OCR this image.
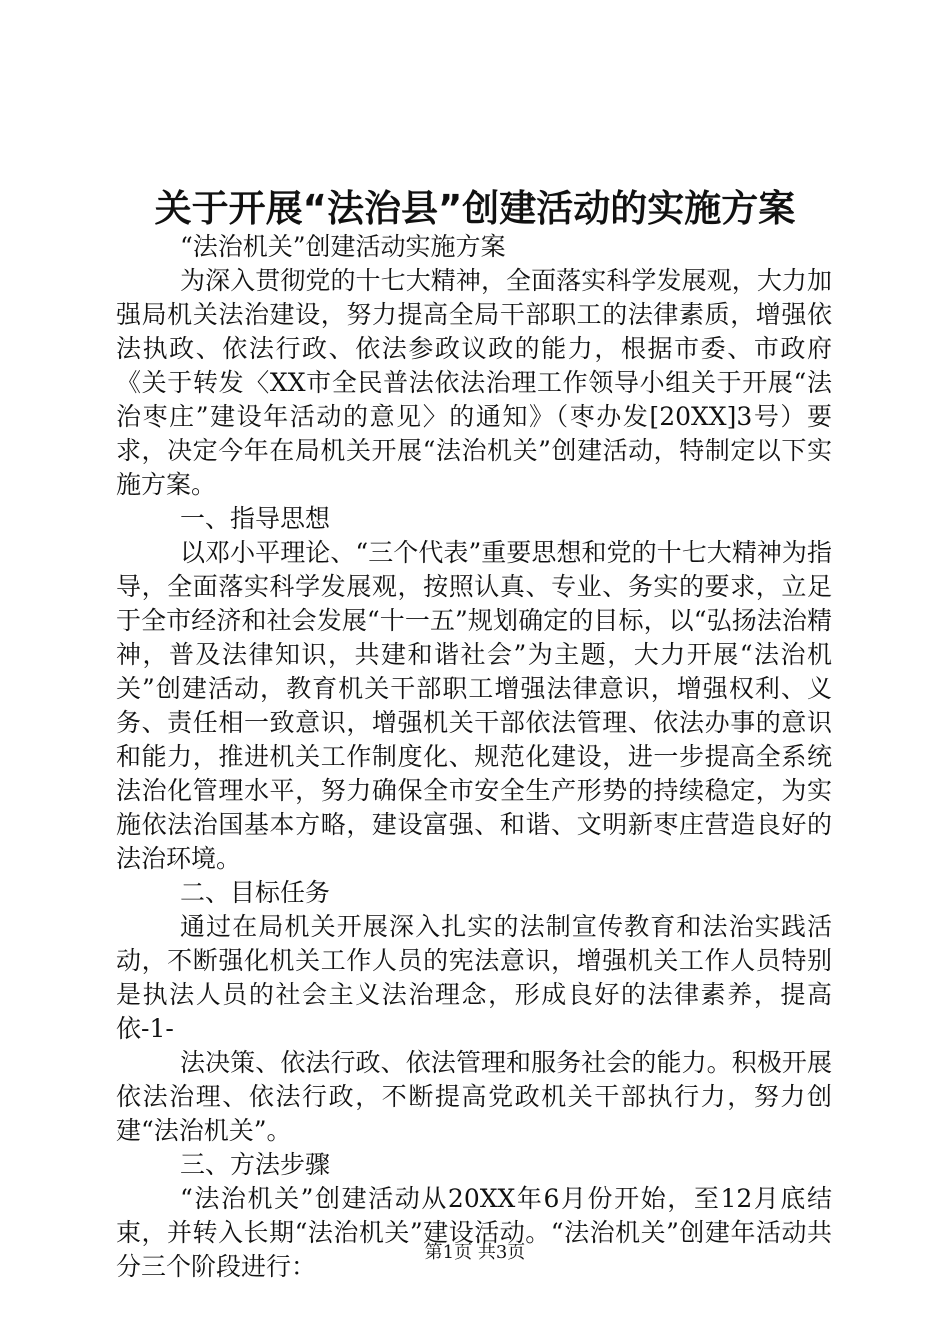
关于开展“法治县”创建活动的实施方案

“法治机关”创建活动实施方案

为深入贯彻党的十七大精神，全面落实科学发展观，大力加强局机关法治建设，努力提高全局干部职工的法律素质，增强依法执政、依法行政、依法参政议政的能力，根据市委、市政府《关于转发〈XX市全民普法依法治理工作领导小组关于开展“法治枣庄”建设年活动的意见〉的通知》（枣办发[20XX]3号）要求，决定今年在局机关开展“法治机关”创建活动，特制定以下实施方案。

一、指导思想

以邓小平理论、“三个代表”重要思想和党的十七大精神为指导，全面落实科学发展观，按照认真、专业、务实的要求，立足于全市经济和社会发展“十一五”规划确定的目标，以“弘扬法治精神，普及法律知识，共建和谐社会”为主题，大力开展“法治机关”创建活动，教育机关干部职工增强法律意识，增强权利、义务、责任相一致意识，增强机关干部依法管理、依法办事的意识和能力，推进机关工作制度化、规范化建设，进一步提高全系统法治化管理水平，努力确保全市安全生产形势的持续稳定，为实施依法治国基本方略，建设富强、和谐、文明新枣庄营造良好的法治环境。

二、目标任务

通过在局机关开展深入扎实的法制宣传教育和法治实践活动，不断强化机关工作人员的宪法意识，增强机关工作人员特别是执法人员的社会主义法治理念，形成良好的法律素养，提高依-1-

法决策、依法行政、依法管理和服务社会的能力。积极开展依法治理、依法行政，不断提高党政机关干部执行力，努力创建“法治机关”。

三、方法步骤

“法治机关”创建活动从20XX年6月份开始，至12月底结束，并转入长期“法治机关”建设活动。“法治机关”创建年活动共分三个阶段进行：	第1页 共3页
